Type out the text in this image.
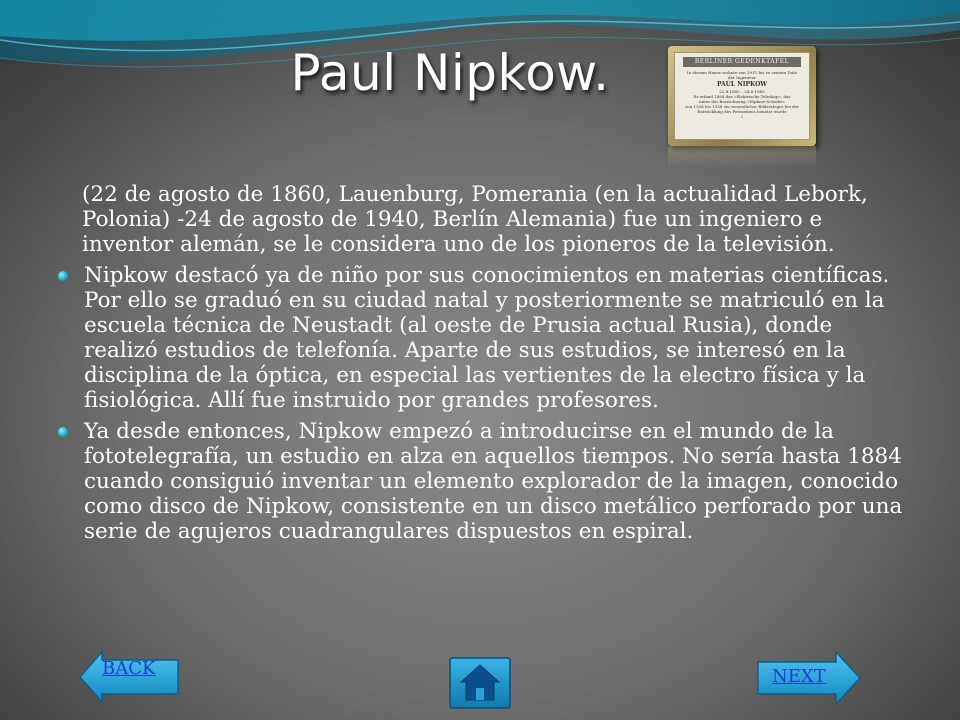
Paul Nipkow.	BERLINER GEDENKTAFEL
In diesem Hause wohnte von 1911 bis zu seinem Tode
der Ingenieur
PAUL NIPKOW
22.8.1860 – 24.8.1940
Er erfand 1884 das »Elektrische Teleskop«, das
unter der Bezeichnung »Nipkow-Scheibe«
von 1928 bis 1938 ein wesentlicher Bildzerleger bei der
Entwicklung des Fernsehens benutzt wurde
I
(22 de agosto de 1860, Lauenburg, Pomerania (en la actualidad Lebork, Polonia) -24 de agosto de 1940, Berlín Alemania) fue un ingeniero e inventor alemán, se le considera uno de los pioneros de la televisión.
Nipkow destacó ya de niño por sus conocimientos en materias científicas. Por ello se graduó en su ciudad natal y posteriormente se matriculó en la escuela técnica de Neustadt (al oeste de Prusia actual Rusia), donde realizó estudios de telefonía. Aparte de sus estudios, se interesó en la disciplina de la óptica, en especial las vertientes de la electro física y la fisiológica. Allí fue instruido por grandes profesores.
Ya desde entonces, Nipkow empezó a introducirse en el mundo de la fototelegrafía, un estudio en alza en aquellos tiempos. No sería hasta 1884 cuando consiguió inventar un elemento explorador de la imagen, conocido como disco de Nipkow, consistente en un disco metálico perforado por una serie de agujeros cuadrangulares dispuestos en espiral.
BACK	NEXT
